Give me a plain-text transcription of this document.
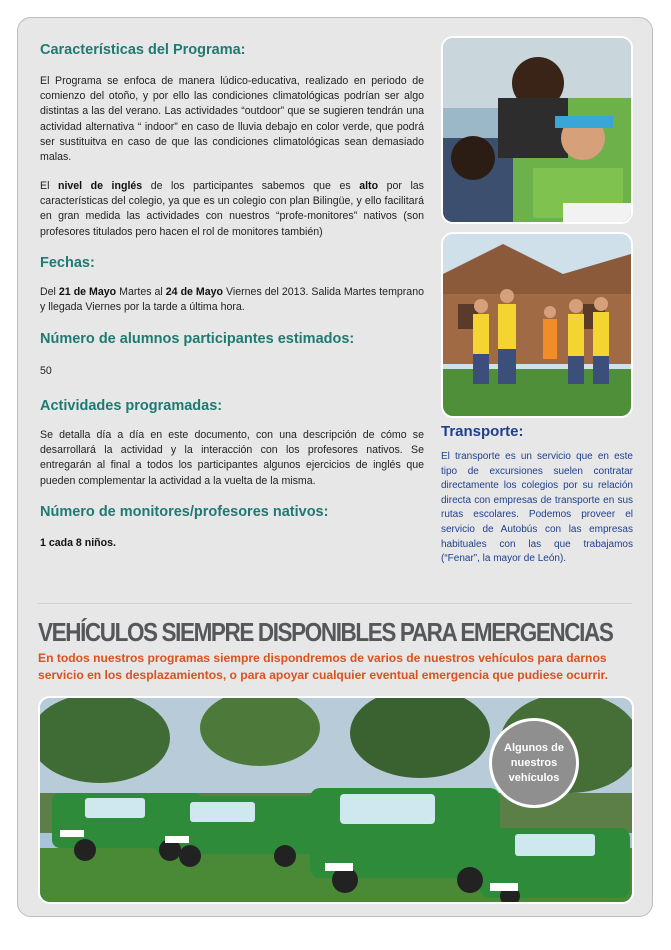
Características del Programa:

El Programa se enfoca de manera lúdico-educativa, realizado en periodo de comienzo del otoño, y por ello las condiciones climatológicas podrían ser algo distintas a las del verano. Las actividades “outdoor” que se sugieren tendrán una actividad alternativa “ indoor” en caso de lluvia debajo en color verde, que podrá ser sustituitva en caso de que las condiciones climatológicas sean demasiado malas.

El nivel de inglés de los participantes sabemos que es alto por las características del colegio, ya que es un colegio con plan Bilingüe, y ello facilitará en gran medida las actividades con nuestros “profe-monitores” nativos (son profesores titulados pero hacen el rol de monitores también)

Fechas:

Del 21 de Mayo Martes al 24 de Mayo Viernes del 2013. Salida Martes temprano y llegada Viernes por la tarde a última hora.

Número de alumnos participantes estimados:

50

Actividades programadas:

Se detalla día a día en este documento, con una descripción de cómo se desarrollará la actividad y la interacción con los profesores nativos. Se entregarán al final a todos los participantes algunos ejercicios de inglés que pueden complementar la actividad a la vuelta de la misma.

Número de monitores/profesores nativos:

1 cada 8 niños.

Transporte:

El transporte es un servicio que en este tipo de excursiones suelen contratar directamente los colegios por su relación directa con empresas de transporte en sus rutas escolares. Podemos proveer el servicio de Autobús con las empresas habituales con las que trabajamos (“Fenar”, la mayor de León).

VEHÍCULOS SIEMPRE DISPONIBLES PARA EMERGENCIAS

En todos nuestros programas siempre dispondremos de varios de nuestros vehículos para darnos servicio en los desplazamientos, o para apoyar cualquier eventual emergencia que pudiese ocurrir.

Algunos de nuestros vehículos
